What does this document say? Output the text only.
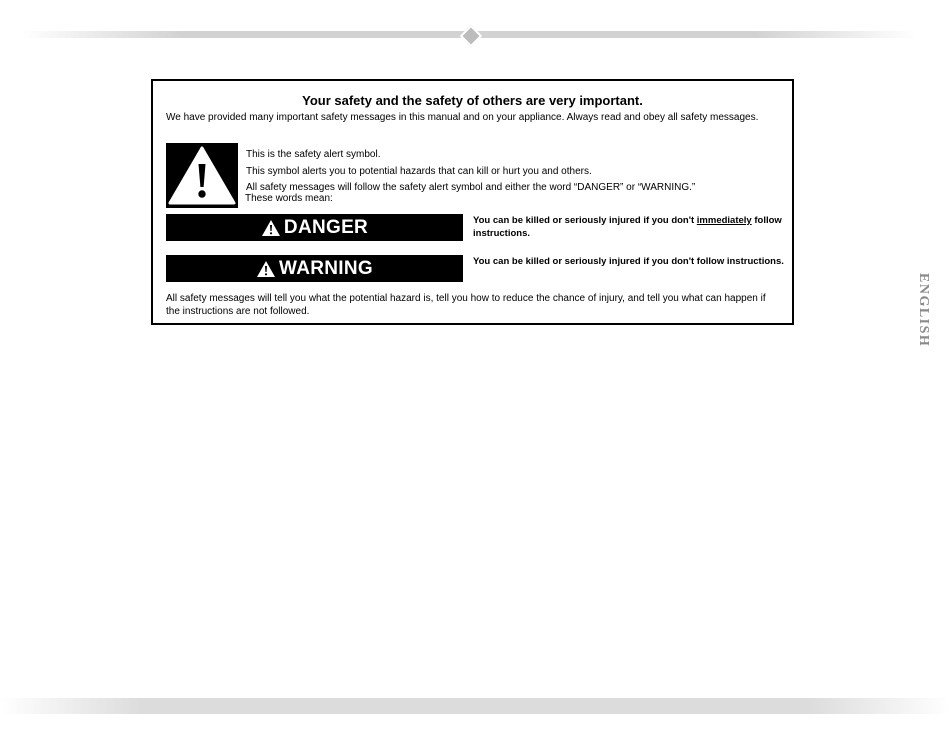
ENGLISH
Your safety and the safety of others are very important.
We have provided many important safety messages in this manual and on your appliance. Always read and obey all safety messages.
This is the safety alert symbol.
This symbol alerts you to potential hazards that can kill or hurt you and others.
All safety messages will follow the safety alert symbol and either the word “DANGER” or “WARNING.”
These words mean:
DANGER	You can be killed or seriously injured if you don't immediately follow instructions.
WARNING	You can be killed or seriously injured if you don't follow instructions.
All safety messages will tell you what the potential hazard is, tell you how to reduce the chance of injury, and tell you what can happen if the instructions are not followed.
